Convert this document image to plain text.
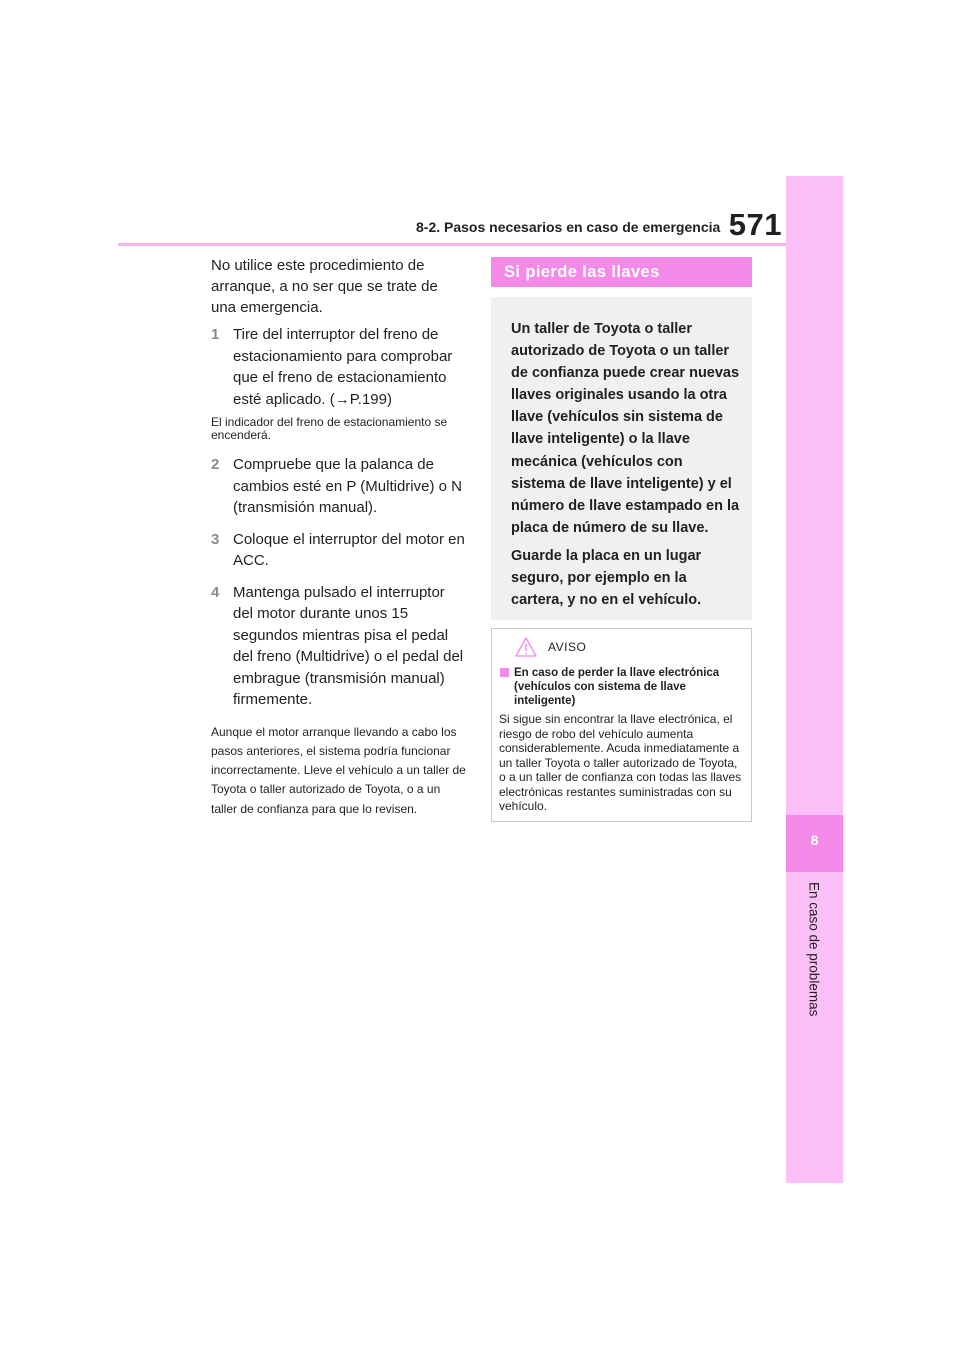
571
8-2. Pasos necesarios en caso de emergencia
8
En caso de problemas

No utilice este procedimiento de arranque, a no ser que se trate de una emergencia.

1 Tire del interruptor del freno de estacionamiento para comprobar que el freno de estacionamiento esté aplicado. (→P.199)

El indicador del freno de estacionamiento se encenderá.

2 Compruebe que la palanca de cambios esté en P (Multidrive) o N (transmisión manual).
3 Coloque el interruptor del motor en ACC.
4 Mantenga pulsado el interruptor del motor durante unos 15 segundos mientras pisa el pedal del freno (Multidrive) o el pedal del embrague (transmisión manual) firmemente.

Aunque el motor arranque llevando a cabo los pasos anteriores, el sistema podría funcionar incorrectamente. Lleve el vehículo a un taller de Toyota o taller autorizado de Toyota, o a un taller de confianza para que lo revisen.

Si pierde las llaves

Un taller de Toyota o taller autorizado de Toyota o un taller de confianza puede crear nuevas llaves originales usando la otra llave (vehículos sin sistema de llave inteligente) o la llave mecánica (vehículos con sistema de llave inteligente) y el número de llave estampado en la placa de número de su llave.

Guarde la placa en un lugar seguro, por ejemplo en la cartera, y no en el vehículo.

AVISO
En caso de perder la llave electrónica (vehículos con sistema de llave inteligente)

Si sigue sin encontrar la llave electrónica, el riesgo de robo del vehículo aumenta considerablemente. Acuda inmediatamente a un taller Toyota o taller autorizado de Toyota, o a un taller de confianza con todas las llaves electrónicas restantes suministradas con su vehículo.
